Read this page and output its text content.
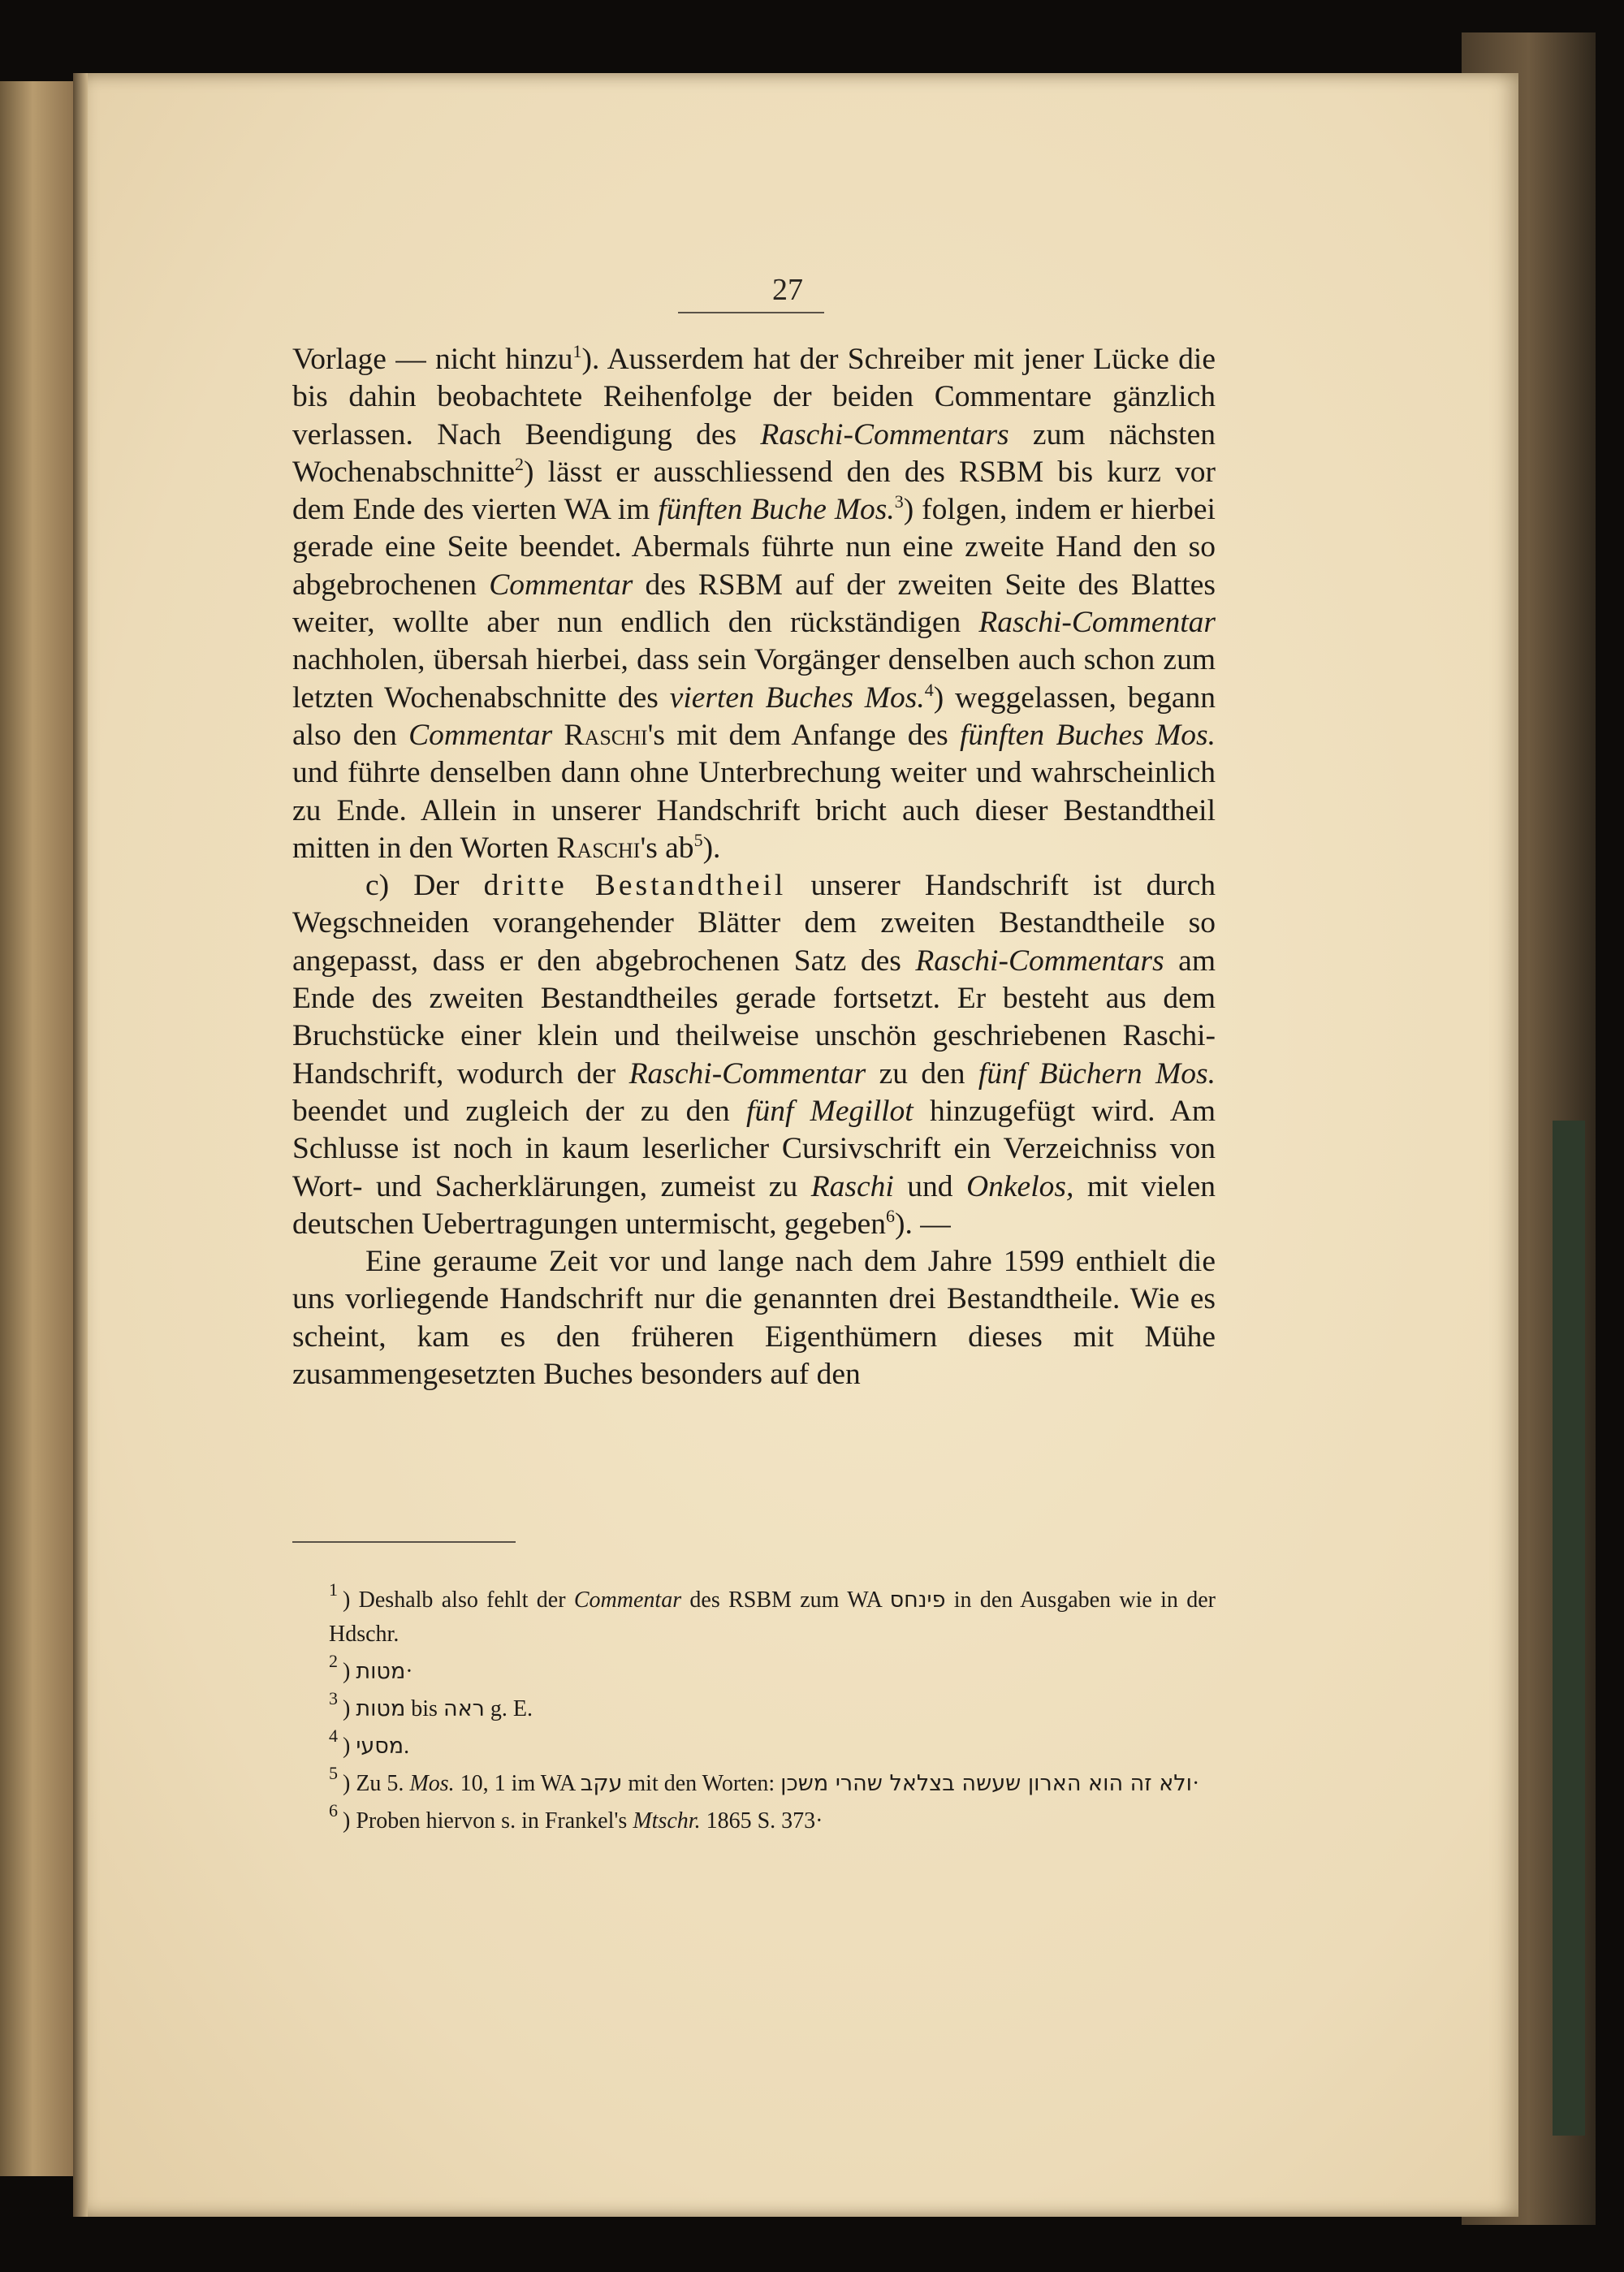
27

Vorlage — nicht hinzu$^1$). Ausserdem hat der Schreiber mit jener Lücke die bis dahin beobachtete Reihenfolge der beiden Commentare gänzlich verlassen. Nach Beendigung des Raschi-Commentars zum nächsten Wochenabschnitte$^2$) lässt er ausschliessend den des RSBM bis kurz vor dem Ende des vierten WA im fünften Buche Mos.$^3$) folgen, indem er hierbei gerade eine Seite beendet. Abermals führte nun eine zweite Hand den so abgebrochenen Commentar des RSBM auf der zweiten Seite des Blattes weiter, wollte aber nun endlich den rückständigen Raschi-Commentar nachholen, übersah hierbei, dass sein Vorgänger denselben auch schon zum letzten Wochenabschnitte des vierten Buches Mos.$^4$) weggelassen, begann also den Commentar Raschi's mit dem Anfange des fünften Buches Mos. und führte denselben dann ohne Unterbrechung weiter und wahrscheinlich zu Ende. Allein in unserer Handschrift bricht auch dieser Bestandtheil mitten in den Worten Raschi's $ab^5$).

c) Der dritte Bestandtheil unserer Handschrift ist durch Wegschneiden vorangehender Blätter dem zweiten Bestandtheile so angepasst, dass er den abgebrochenen Satz des Raschi-Commentars am Ende des zweiten Bestandtheiles gerade fortsetzt. Er besteht aus dem Bruchstücke einer klein und theilweise unschön geschriebenen Raschi-Handschrift, wodurch der Raschi-Commentar zu den fünf Büchern Mos. beendet und zugleich der zu den fünf Megillot hinzugefügt wird. Am Schlusse ist noch in kaum leserlicher Cursivschrift ein Verzeichniss von Wort- und Sacherklärungen, zumeist zu Raschi und Onkelos, mit vielen deutschen Uebertragungen untermischt, gegeben$^6$). —

Eine geraume Zeit vor und lange nach dem Jahre 1599 enthielt die uns vorliegende Handschrift nur die genannten drei Bestandtheile. Wie es scheint, kam es den früheren Eigenthümern dieses mit Mühe zusammengesetzten Buches besonders auf den

$^1$ ) Deshalb also fehlt der Commentar des RSBM zum WA פינחס in den Ausgaben wie in der Hdschr.

$^2$ ) מטות·

$^3$ ) מטות bis ראה g. E.

$^4$ ) מסעי.

$^5$ ) Zu 5. Mos. 10, 1 im WA עקב mit den Worten: ולא זה הוא הארון שעשה בצלאל שהרי משכן·

$^6$ ) Proben hiervon s. in Frankel's Mtschr. 1865 S. 373·
